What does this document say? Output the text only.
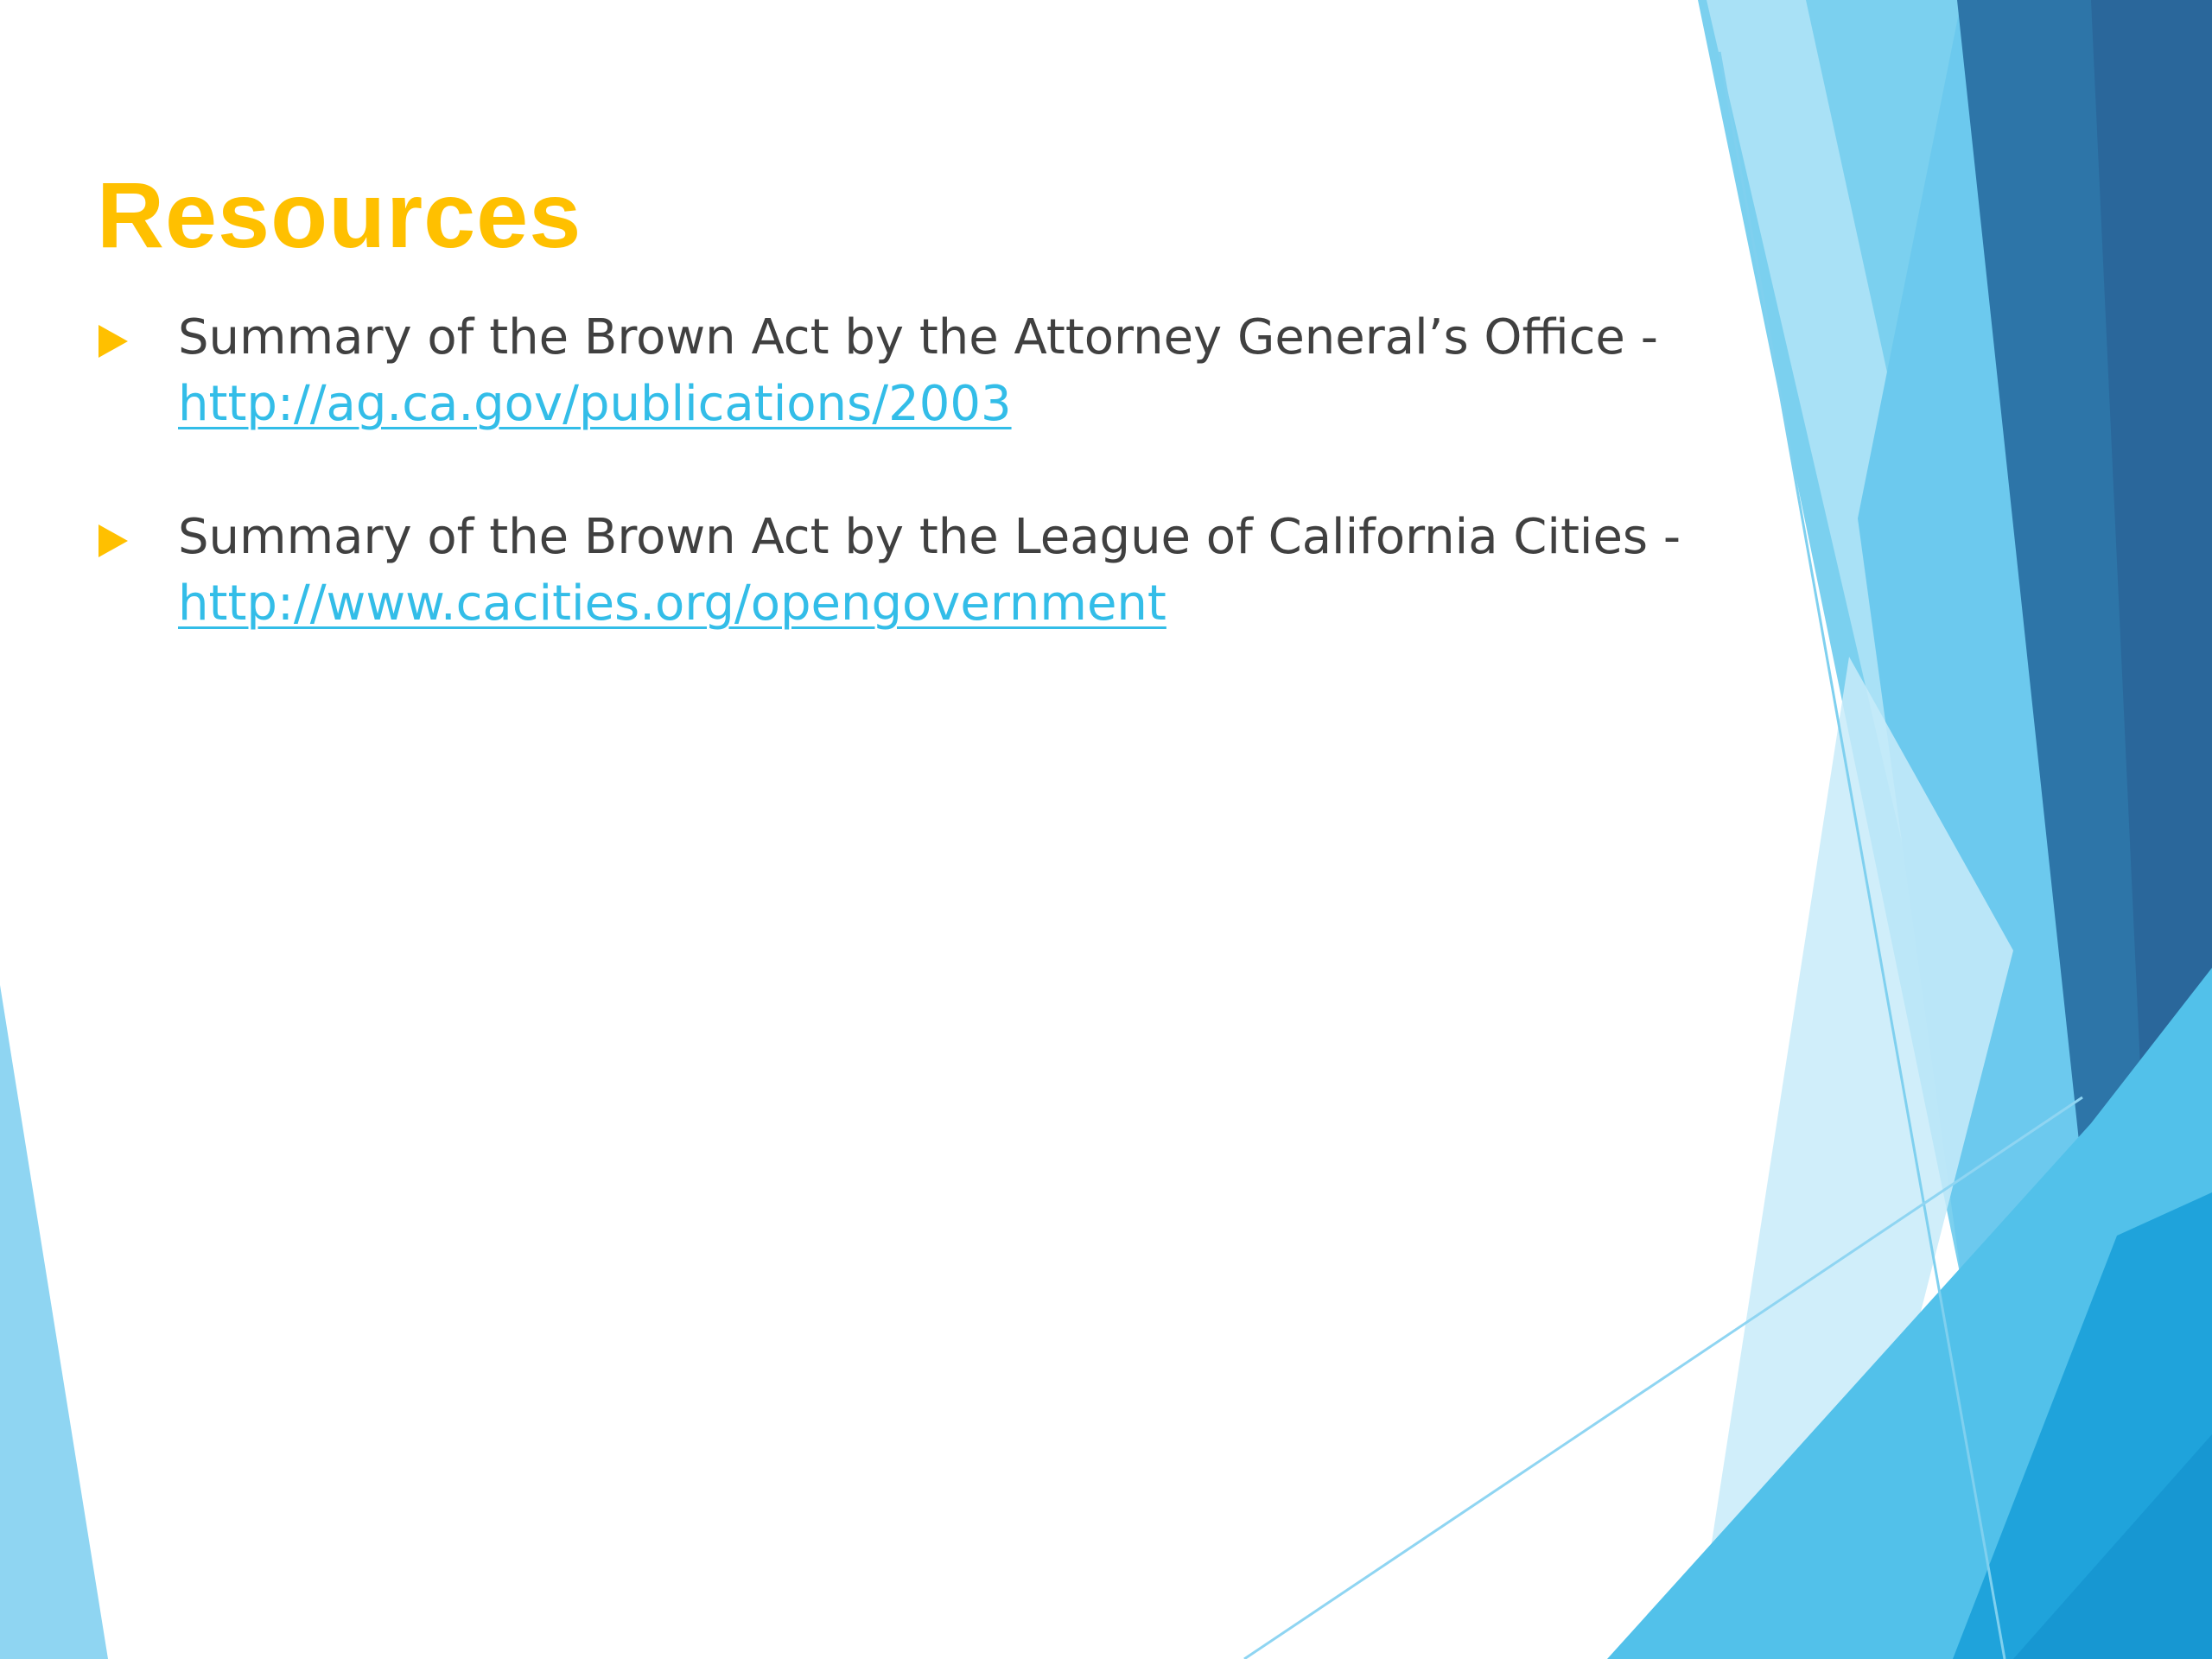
Resources
Summary of the Brown Act by the Attorney General’s Office -
http://ag.ca.gov/publications/2003
Summary of the Brown Act by the League of California Cities -
http://www.cacities.org/opengovernment
